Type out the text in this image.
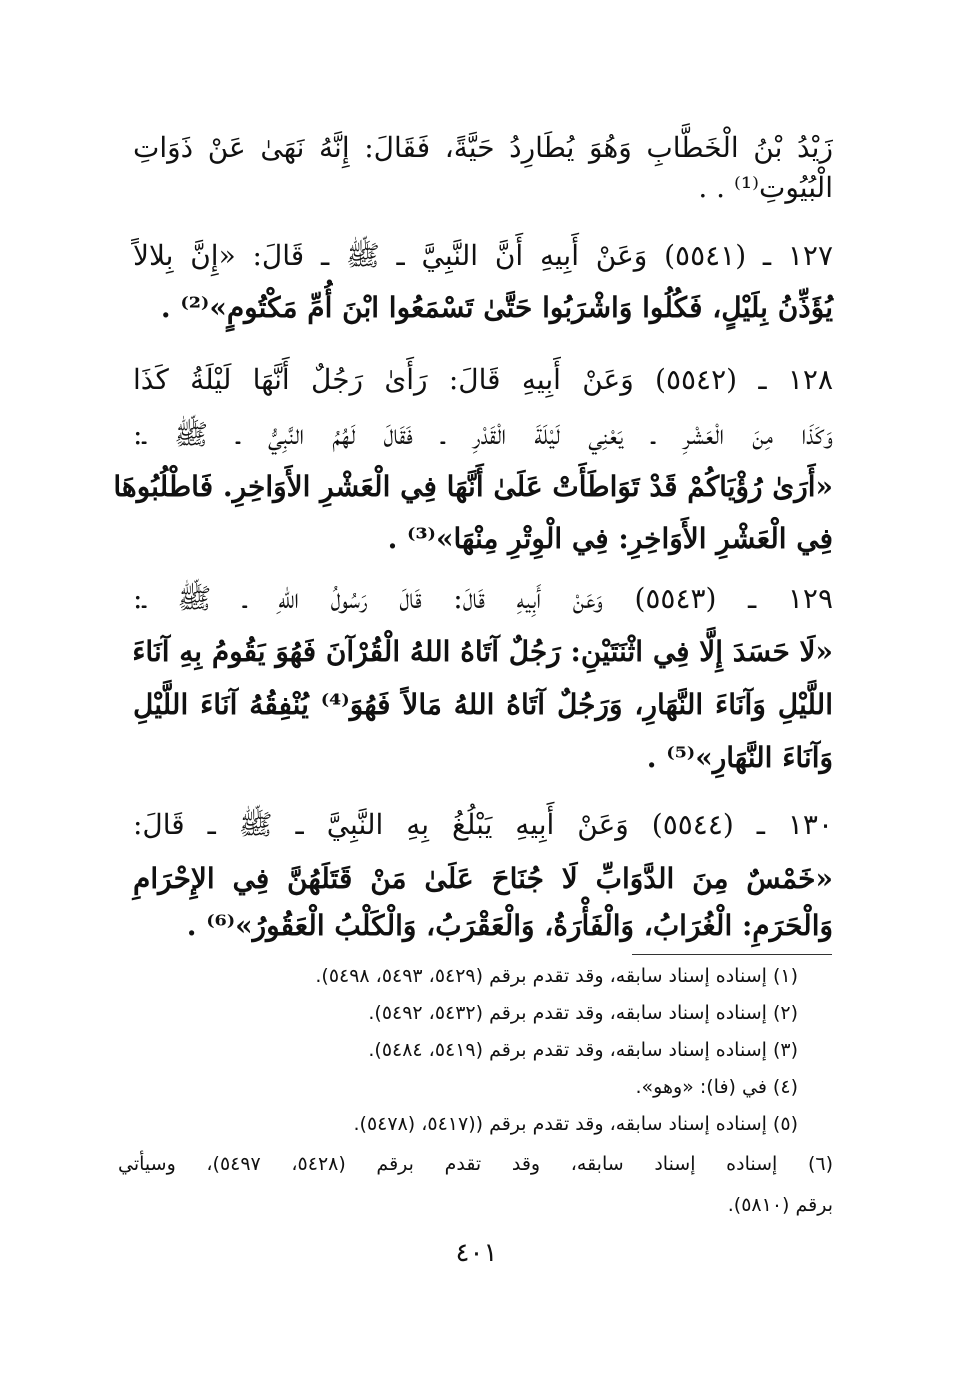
زَيْدُ بْنُ الْخَطَّابِ وَهُوَ يُطَارِدُ حَيَّةً، فَقَالَ: إِنَّهُ نَهَىٰ عَنْ ذَوَاتِ
الْبُيُوتِ⁽¹⁾ . .
١٢٧ ـ (٥٥٤١) وَعَنْ أَبِيهِ أَنَّ النَّبِيَّ ـ ﷺ ـ قَالَ: «إِنَّ بِلالاً
يُؤَذِّنُ بِلَيْلٍ، فَكُلُوا وَاشْرَبُوا حَتَّىٰ تَسْمَعُوا ابْنَ أُمِّ مَكْتُومٍ»⁽²⁾ .
١٢٨ ـ (٥٥٤٢) وَعَنْ أَبِيهِ قَالَ: رَأَىٰ رَجُلٌ أَنَّهَا لَيْلَةُ كَذَا
وَكَذَا مِنَ الْعَشْرِ ـ يَعْنِي لَيْلَةَ الْقَدْرِ ـ فَقَالَ لَهُمُ النَّبِيُّ ـ ﷺ ـ:
«أَرَىٰ رُؤْيَاكُمْ قَدْ تَوَاطَأَتْ عَلَىٰ أَنَّهَا فِي الْعَشْرِ الأَوَاخِرِ. فَاطْلُبُوهَا
فِي الْعَشْرِ الأَوَاخِرِ: فِي الْوِتْرِ مِنْهَا»⁽³⁾ .
١٢٩ ـ (٥٥٤٣) وَعَنْ أَبِيهِ قَالَ: قَالَ رَسُولُ اللهِ ـ ﷺ ـ:
«لَا حَسَدَ إِلَّا فِي اثْنَتَيْنِ: رَجُلٌ آتَاهُ اللهُ الْقُرْآنَ فَهُوَ يَقُومُ بِهِ آنَاءَ
اللَّيْلِ وَآنَاءَ النَّهَارِ، وَرَجُلٌ آتَاهُ اللهُ مَالاً فَهُوَ⁽⁴⁾ يُنْفِقُهُ آنَاءَ اللَّيْلِ
وَآنَاءَ النَّهَارِ»⁽⁵⁾ .
١٣٠ ـ (٥٥٤٤) وَعَنْ أَبِيهِ يَبْلُغُ بِهِ النَّبِيَّ ـ ﷺ ـ قَالَ:
«خَمْسٌ مِنَ الدَّوَابِّ لَا جُنَاحَ عَلَىٰ مَنْ قَتَلَهُنَّ فِي الإِحْرَامِ
وَالْحَرَمِ: الْغُرَابُ، وَالْفَأْرَةُ، وَالْعَقْرَبُ، وَالْكَلْبُ الْعَقُورُ»⁽⁶⁾ .
(١) إسناده إسناد سابقه، وقد تقدم برقم (٥٤٢٩، ٥٤٩٣، ٥٤٩٨).
(٢) إسناده إسناد سابقه، وقد تقدم برقم (٥٤٣٢، ٥٤٩٢).
(٣) إسناده إسناد سابقه، وقد تقدم برقم (٥٤١٩، ٥٤٨٤).
(٤) في (فا): «وهو».
(٥) إسناده إسناد سابقه، وقد تقدم برقم ((٥٤١٧، (٥٤٧٨).
(٦) إسناده إسناد سابقه، وقد تقدم برقم (٥٤٢٨، ٥٤٩٧)، وسيأتي
برقم (٥٨١٠).
٤٠١
